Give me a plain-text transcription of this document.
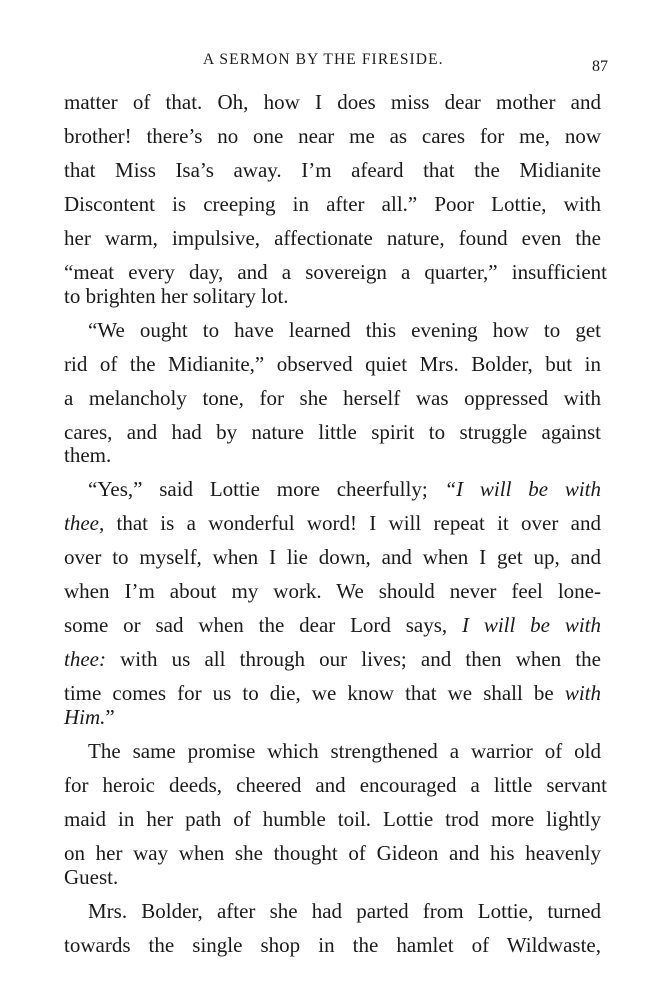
A SERMON BY THE FIRESIDE.	87
matter of that. Oh, how I does miss dear mother and
brother! there’s no one near me as cares for me, now
that Miss Isa’s away. I’m afeard that the Midianite
Discontent is creeping in after all.” Poor Lottie, with
her warm, impulsive, affectionate nature, found even the
“meat every day, and a sovereign a quarter,” insufficient
to brighten her solitary lot.
“We ought to have learned this evening how to get
rid of the Midianite,” observed quiet Mrs. Bolder, but in
a melancholy tone, for she herself was oppressed with
cares, and had by nature little spirit to struggle against
them.
“Yes,” said Lottie more cheerfully; “I will be with
thee, that is a wonderful word! I will repeat it over and
over to myself, when I lie down, and when I get up, and
when I’m about my work. We should never feel lone-
some or sad when the dear Lord says, I will be with
thee: with us all through our lives; and then when the
time comes for us to die, we know that we shall be with
Him.”
The same promise which strengthened a warrior of old
for heroic deeds, cheered and encouraged a little servant
maid in her path of humble toil. Lottie trod more lightly
on her way when she thought of Gideon and his heavenly
Guest.
Mrs. Bolder, after she had parted from Lottie, turned
towards the single shop in the hamlet of Wildwaste,
